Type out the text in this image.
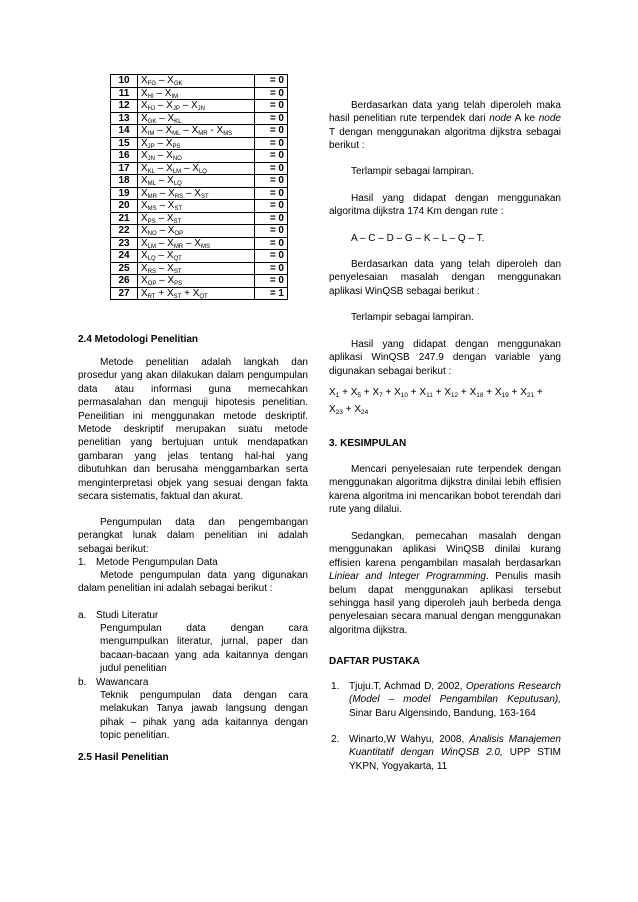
10	$X_{FG} - X_{GK}$	= 0
11	$X_{HI} - X_{IM}$	= 0
12	$X_{HJ} - X_{JP} - X_{JN}$	= 0
13	$X_{GK} - X_{KL}$	= 0
14	$X_{IM} - X_{ML} - X_{MR} - X_{MS}$	= 0
15	$X_{JP} - X_{PS}$	= 0
16	$X_{JN} - X_{NO}$	= 0
17	$X_{KL} - X_{LM} - X_{LQ}$	= 0
18	$X_{ML} - X_{LQ}$	= 0
19	$X_{MR} - X_{RS} - X_{ST}$	= 0
20	$X_{MS} - X_{ST}$	= 0
21	$X_{PS} - X_{ST}$	= 0
22	$X_{NO} - X_{OP}$	= 0
23	$X_{LM} - X_{MR} - X_{MS}$	= 0
24	$X_{LQ} - X_{QT}$	= 0
25	$X_{RS} - X_{ST}$	= 0
26	$X_{OP} - X_{PS}$	= 0
27	$X_{RT} + X_{ST} + X_{QT}$	= 1
2.4 Metodologi Penelitian
Metode penelitian adalah langkah dan prosedur yang akan dilakukan dalam pengumpulan data atau informasi guna memecahkan permasalahan dan menguji hipotesis penelitian. Peneilitian ini menggunakan metode deskriptif. Metode deskriptif merupakan suatu metode penelitian yang bertujuan untuk mendapatkan gambaran yang jelas tentang hal-hal yang dibutuhkan dan berusaha menggambarkan serta menginterpretasi objek yang sesuai dengan fakta secara sistematis, faktual dan akurat.
Pengumpulan data dan pengembangan perangkat lunak dalam penelitian ini adalah sebagai berikut:
1. Metode Pengumpulan Data
Metode pengumpulan data yang digunakan dalam penelitian ini adalah sebagai berikut :
a. Studi Literatur
Pengumpulan data dengan cara mengumpulkan literatur, jurnal, paper dan bacaan-bacaan yang ada kaitannya dengan judul penelitian
b. Wawancara
Teknik pengumpulan data dengan cara melakukan Tanya jawab langsung dengan pihak – pihak yang ada kaitannya dengan topic penelitian.
2.5 Hasil Penelitian
Berdasarkan data yang telah diperoleh maka hasil penelitian rute terpendek dari node A ke node T dengan menggunakan algoritma dijkstra sebagai berikut :
Terlampir sebagai lampiran.
Hasil yang didapat dengan menggunakan algoritma dijkstra 174 Km dengan rute :
A – C – D – G – K – L – Q – T.
Berdasarkan data yang telah diperoleh dan penyelesaian masalah dengan menggunakan aplikasi WinQSB sebagai berikut :
Terlampir sebagai lampiran.
Hasil yang didapat dengan menggunakan aplikasi WinQSB 247.9 dengan variable yang digunakan sebagai berikut :
$X_1 + X_5 + X_7 + X_{10} + X_{11} + X_{12} + X_{18} + X_{19} + X_{21}$ +
$X_{23} + X_{24}$
3. KESIMPULAN
Mencari penyelesaian rute terpendek dengan menggunakan algoritma dijkstra dinilai lebih effisien karena algoritma ini mencarikan bobot terendah dari rute yang dilalui.
Sedangkan, pemecahan masalah dengan menggunakan aplikasi WinQSB dinilai kurang effisien karena pengambilan masalah berdasarkan Liniear and Integer Programming. Penulis masih belum dapat menggunakan aplikasi tersebut sehingga hasil yang diperoleh jauh berbeda denga penyelesaian secara manual dengan menggunakan algoritma dijkstra.
DAFTAR PUSTAKA
1. Tjuju.T, Achmad D, 2002, Operations Research (Model – model Pengambilan Keputusan), Sinar Baru Algensindo, Bandung, 163-164
2. Winarto,W Wahyu, 2008, Analisis Manajemen Kuantitatif dengan WinQSB 2.0, UPP STIM YKPN, Yogyakarta, 11
